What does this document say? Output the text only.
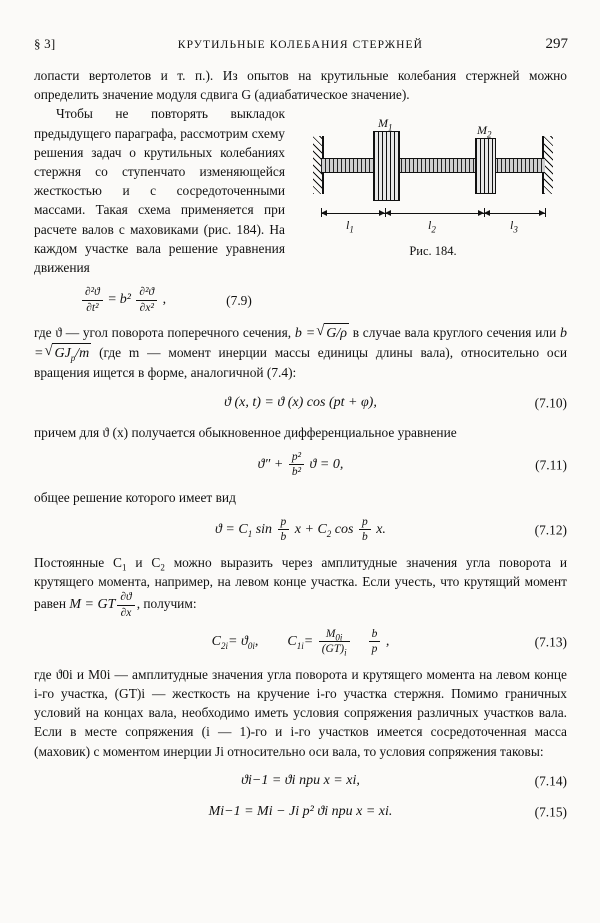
§ 3]	КРУТИЛЬНЫЕ КОЛЕБАНИЯ СТЕРЖНЕЙ	297

лопасти вертолетов и т. п.). Из опытов на крутильные колебания стержней можно определить значение модуля сдвига G (адиабатическое значение).

$M_1$	$M_2$
$l_1$	$l_2$	$l_3$
Рис. 184.

Чтобы не повторять выкладок предыдущего параграфа, рассмотрим схему решения задач о крутильных колебаниях стержня со ступенчато изменяющейся жесткостью и с сосредоточенными массами. Такая схема применяется при расчете валов с маховиками (рис. 184). На каждом участке вала решение уравнения движения

$\frac{\text{∂²ϑ}}{\text{∂t²}} = b^2 \frac{\text{∂²ϑ}}{\text{∂x²}}$ ,	(7.9)

где ϑ — угол поворота поперечного сечения, b = √ G/ρ в случае вала круглого сечения или b = √ $GJ_p/m$ (где m — момент инерции массы единицы длины вала), относительно оси вращения ищется в форме, аналогичной (7.4):

ϑ (x, t) = ϑ (x) cos (pt + φ),	(7.10)

причем для ϑ (x) получается обыкновенное дифференциальное уравнение

$ϑ'' + \frac{\text{p²}}{\text{b²}}$ ϑ = 0,	(7.11)

общее решение которого имеет вид

$ϑ = C_1$ $\sin \frac{p}{b}$ $x + C_2$ $\cos \frac{p}{b} x$.	(7.12)

Постоянные $C_1$ и $C_2$ можно выразить через амплитудные значения угла поворота и крутящего момента, например, на левом конце участка. Если учесть, что крутящий момент равен M = GT $\frac{\partial ϑ}{\partial x}$ , получим:

$C_{2i}= ϑ_{0i}$, $C_{1i}= \frac{M_{0i}}{(GT)_i}$
$\frac{b}{p}$ ,	(7.13)

где ϑ0i и M0i — амплитудные значения угла поворота и крутящего момента на левом конце i-го участка, (GT)i — жесткость на кручение i-го участка стержня. Помимо граничных условий на концах вала, необходимо иметь условия сопряжения различных участков вала. Если в месте сопряжения (i — 1)-го и i-го участков имеется сосредоточенная масса (маховик) с моментом инерции Ji относительно оси вала, то условия сопряжения таковы:

ϑi−1 = ϑi при x = xi,	(7.14)
Mi−1 = Mi − Ji p² ϑi при x = xi.	(7.15)
